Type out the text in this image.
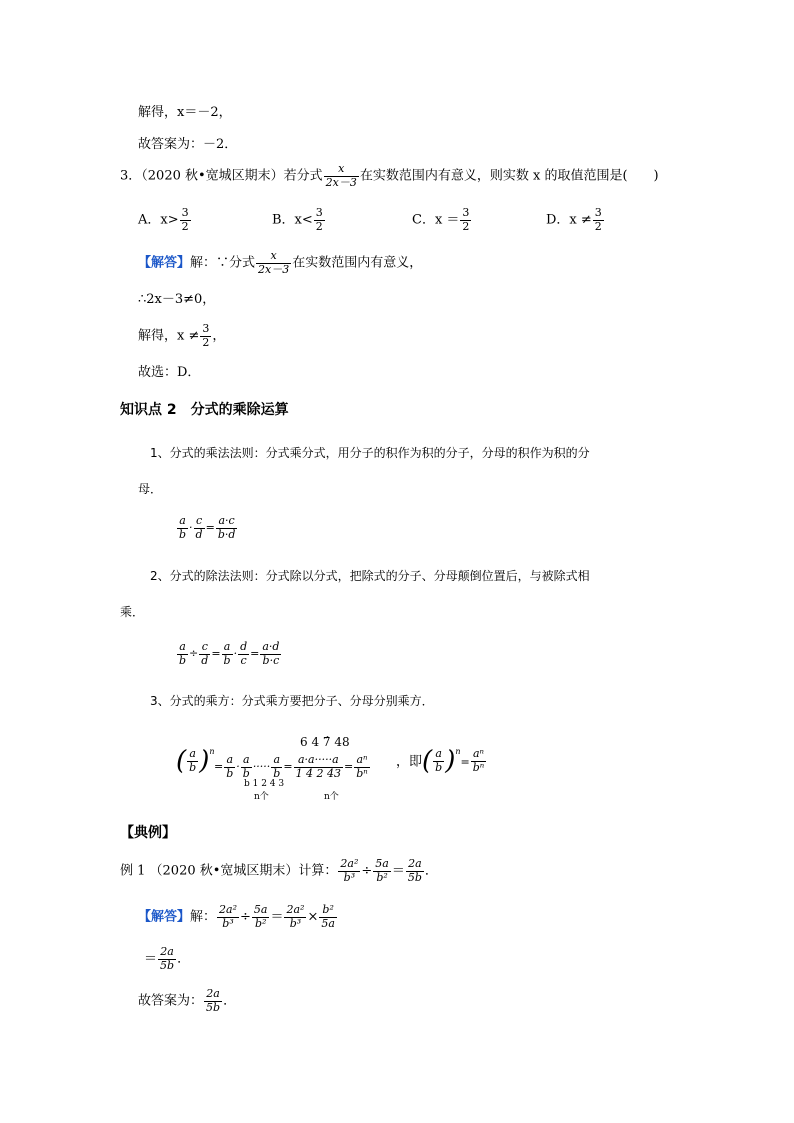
解得，x＝－2，
故答案为：－2．
3．（2020 秋•宽城区期末）若分式 $\frac{x}{2x-3}$ 在实数范围内有意义，则实数 x 的取值范围是(　　)
A．$x> \frac{3}{2}$	B．$x< \frac{3}{2}$	C．$x = \frac{3}{2}$	D．$x \ne \frac{3}{2}$
【解答】解：∵分式 $\frac{x}{2x-3}$ 在实数范围内有意义，
∴2x－3≠0，
解得，$x \ne \frac{3}{2}$ ，
故选：D．
知识点 2　分式的乘除运算
1、分式的乘法法则：分式乘分式，用分子的积作为积的分子，分母的积作为积的分
母．
$\frac{a}{b} \cdot \frac{c}{d} = \frac{a\cdot c}{b\cdot d}$
2、分式的除法法则：分式除以分式，把除式的分子、分母颠倒位置后，与被除式相
乘．
$\frac{a}{b} \div \frac{c}{d} = \frac{a}{b} \cdot \frac{d}{c} = \frac{a\cdot d}{b\cdot c}$
3、分式的乘方：分式乘方要把分子、分母分别乘方．
6 4 7̂ 48
( $\frac{a}{b} )^n$
= $\frac{a}{b} \cdot \frac{a}{b}$ ····· $\frac{a}{b} = \frac{a\cdot a\cdot\cdot\cdot\cdot\cdot a}{1 4 2 43} = \frac{\text{aⁿ}}{\text{bⁿ}}$
b 1 2 4 3
n个	n个
，即( $\frac{a}{b} )^n= \frac{\text{aⁿ}}{\text{bⁿ}}$
【典例】
例 1 （2020 秋•宽城区期末）计算： $\frac{\text{2a²}}{\text{b³}} \div \frac{5a}{\text{b²}} = \frac{2a}{5b}$ ．
【解答】解： $\frac{\text{2a²}}{\text{b³}} \div \frac{5a}{\text{b²}} = \frac{\text{2a²}}{\text{b³}} \times \frac{\text{b²}}{5a}$
＝ $\frac{2a}{5b}$ ．
故答案为： $\frac{2a}{5b}$ ．
